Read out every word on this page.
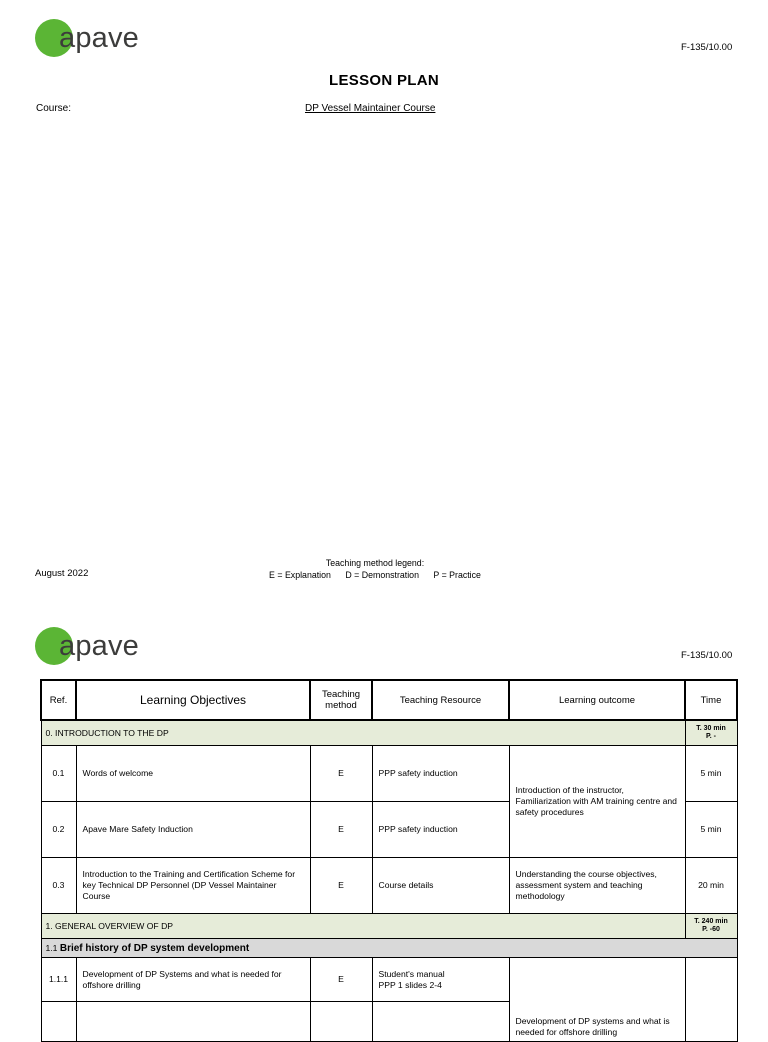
apave	F-135/10.00
LESSON PLAN
Course:	DP Vessel Maintainer Course
Teaching method legend:
E = Explanation D = Demonstration P = Practice
August 2022
apave	F-135/10.00
Ref.	Learning Objectives	Teaching method	Teaching Resource	Learning outcome	Time
0. INTRODUCTION TO THE DP					T. 30 min
P. -

0.1	Words of welcome	E	PPP safety induction	Introduction of the instructor, Familiarization with AM training centre and safety procedures	5 min
0.2	Apave Mare Safety Induction	E	PPP safety induction		5 min
0.3	Introduction to the Training and Certification Scheme for key Technical DP Personnel (DP Vessel Maintainer Course	E	Course details	Understanding the course objectives, assessment system and teaching methodology	20 min
1. GENERAL OVERVIEW OF DP					T. 240 min
P. -60

1.1 Brief history of DP system development					
1.1.1	Development of DP Systems and what is needed for offshore drilling	E	Student's manual
PPP 1 slides 2-4	Development of DP systems and what is needed for offshore drilling	
